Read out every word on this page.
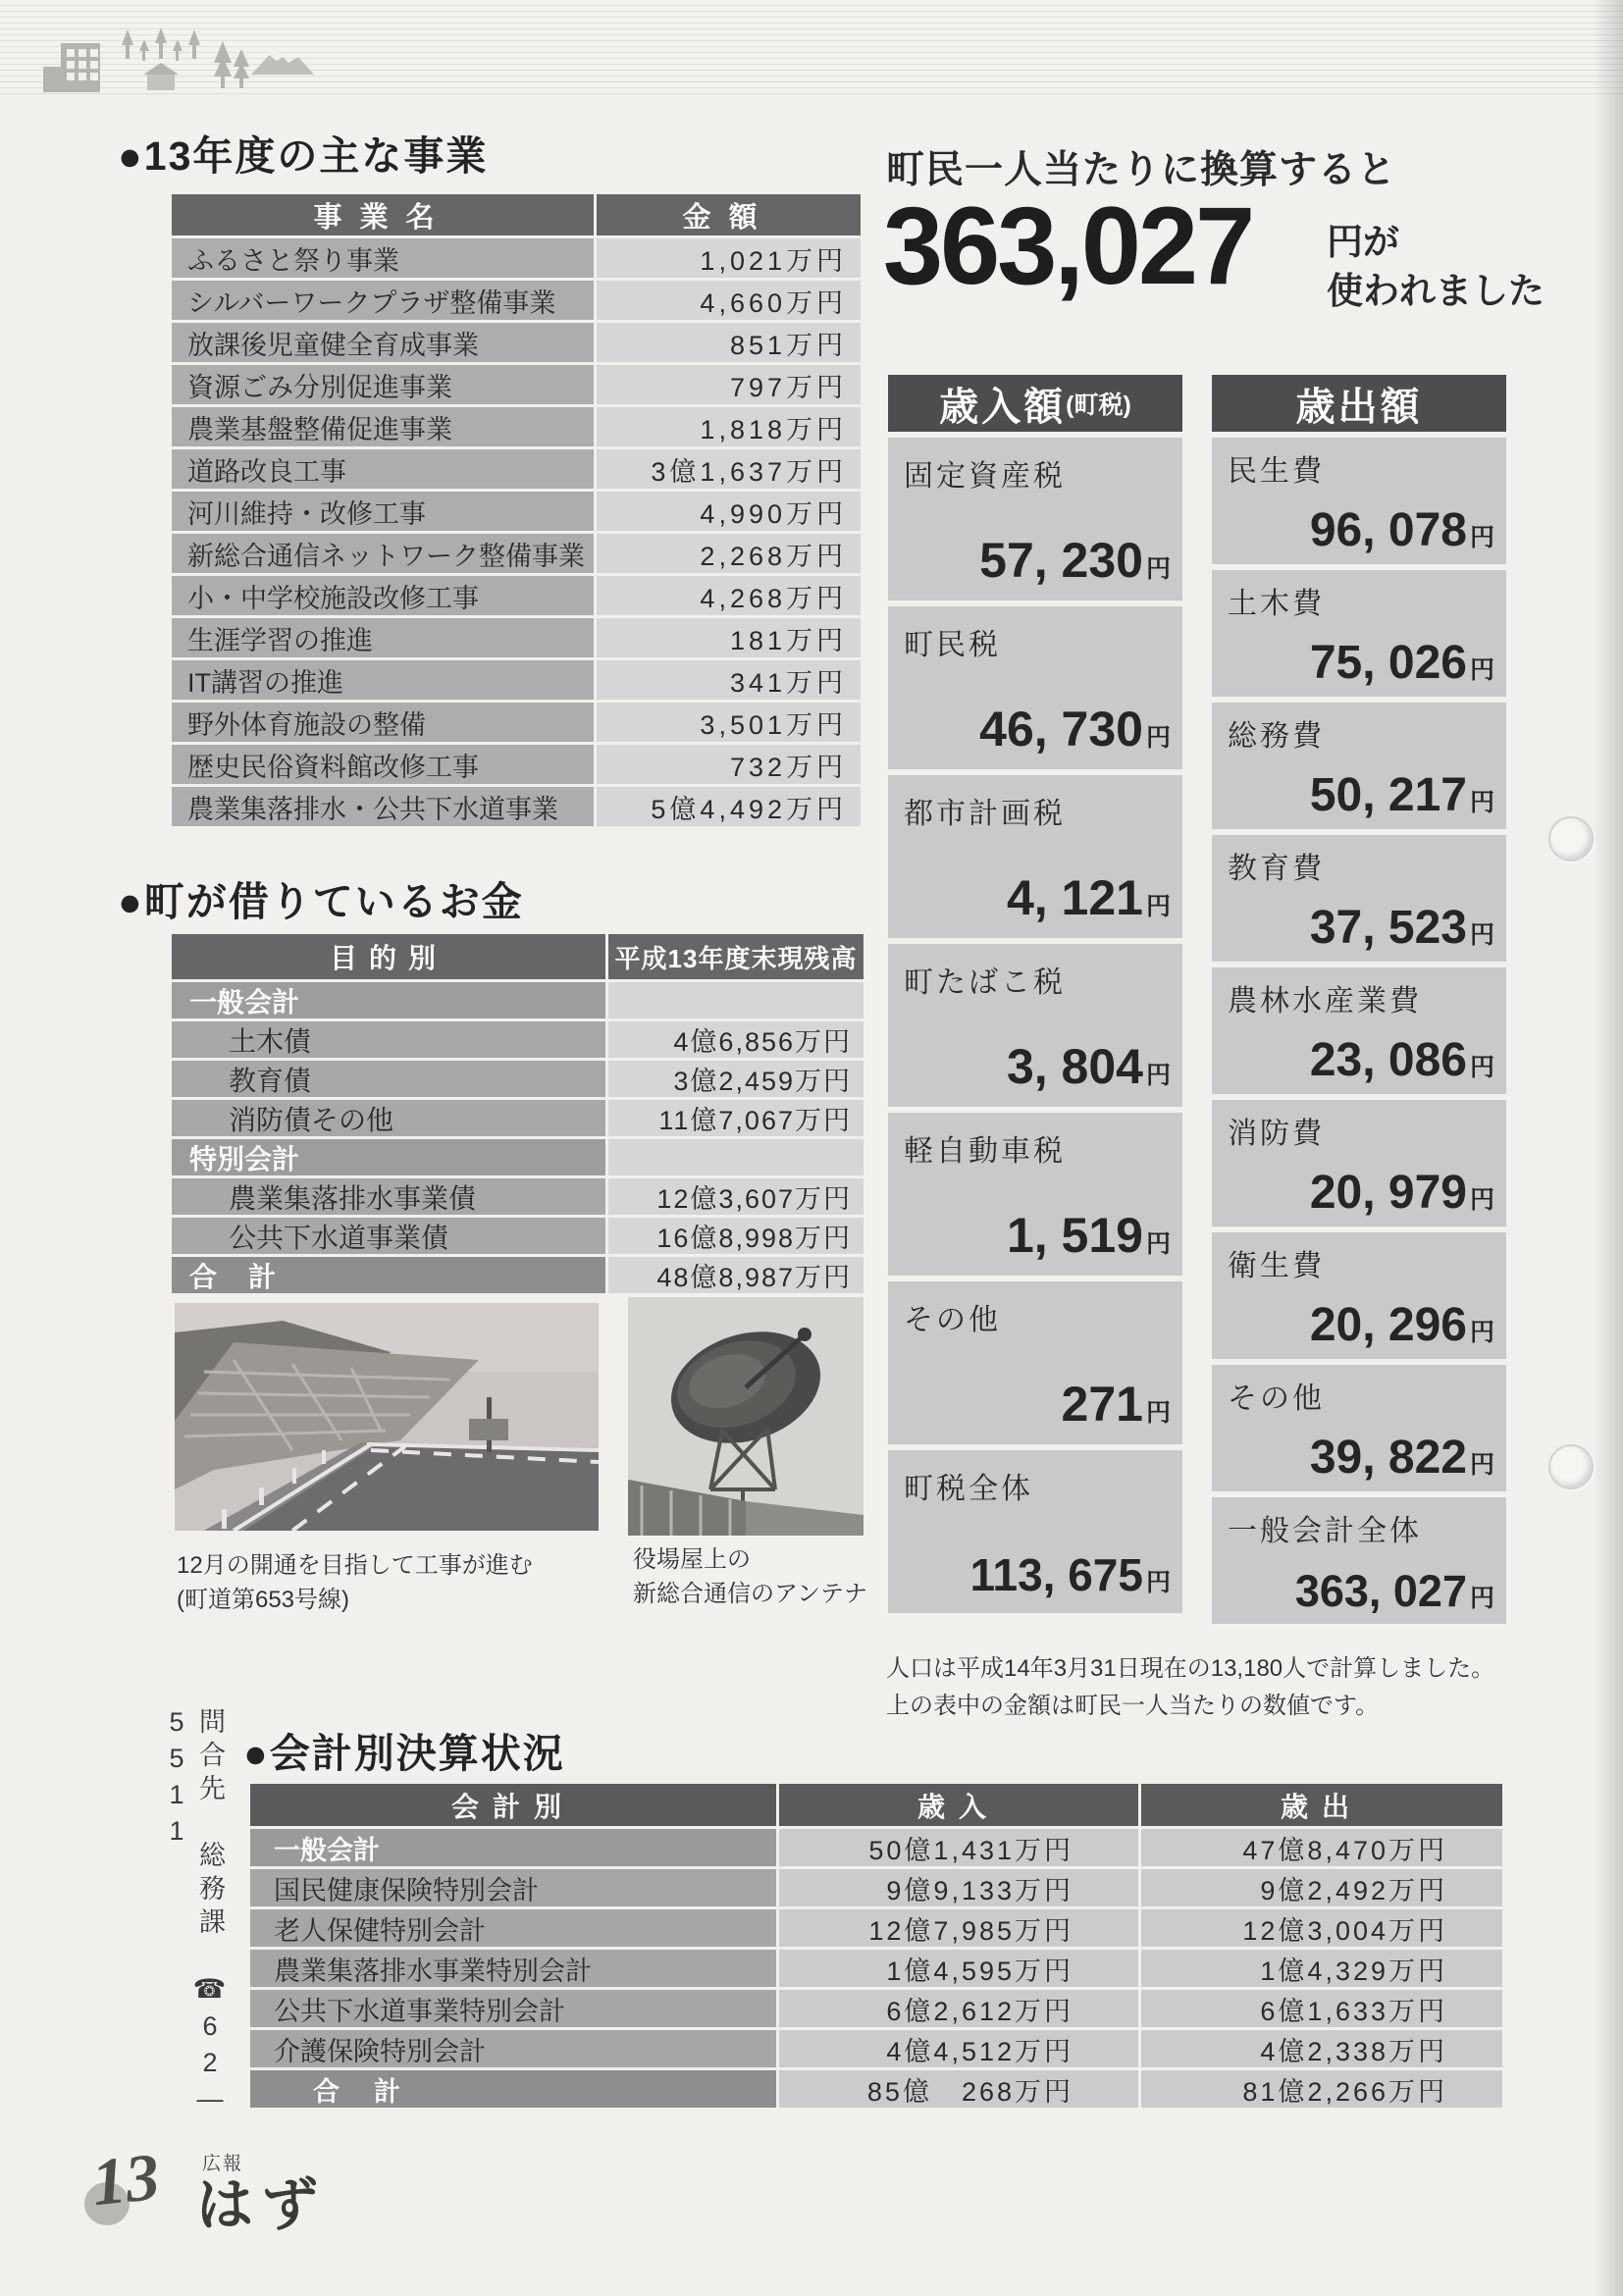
●13年度の主な事業
事業名	金額
ふるさと祭り事業	1,021万円
シルバーワークプラザ整備事業	4,660万円
放課後児童健全育成事業	851万円
資源ごみ分別促進事業	797万円
農業基盤整備促進事業	1,818万円
道路改良工事	3億1,637万円
河川維持・改修工事	4,990万円
新総合通信ネットワーク整備事業	2,268万円
小・中学校施設改修工事	4,268万円
生涯学習の推進	181万円
IT講習の推進	341万円
野外体育施設の整備	3,501万円
歴史民俗資料館改修工事	732万円
農業集落排水・公共下水道事業	5億4,492万円
●町が借りているお金
目的別	平成13年度末現残高
一般会計
土木債	4億6,856万円
教育債	3億2,459万円
消防債その他	11億7,067万円
特別会計
農業集落排水事業債	12億3,607万円
公共下水道事業債	16億8,998万円
合　計	48億8,987万円
12月の開通を目指して工事が進む
(町道第653号線)
役場屋上の
新総合通信のアンテナ
町民一人当たりに換算すると
363,027 円が
使われました
歳入額 (町税)
固定資産税
57, 230 円
町民税
46, 730 円
都市計画税
4, 121 円
町たばこ税
3, 804 円
軽自動車税
1, 519 円
その他
271 円
町税全体
113, 675 円
歳出額
民生費
96, 078 円
土木費
75, 026 円
総務費
50, 217 円
教育費
37, 523 円
農林水産業費
23, 086 円
消防費
20, 979 円
衛生費
20, 296 円
その他
39, 822 円
一般会計全体
363, 027 円
人口は平成14年3月31日現在の13,180人で計算しました。
上の表中の金額は町民一人当たりの数値です。
問合先　総務課　☎62—5511	●会計別決算状況
会計別	歳入	歳出
一般会計	50億1,431万円	47億8,470万円
国民健康保険特別会計	9億9,133万円	9億2,492万円
老人保健特別会計	12億7,985万円	12億3,004万円
農業集落排水事業特別会計	1億4,595万円	1億4,329万円
公共下水道事業特別会計	6億2,612万円	6億1,633万円
介護保険特別会計	4億4,512万円	4億2,338万円
合　計	85億　268万円	81億2,266万円
13 広報
はず
